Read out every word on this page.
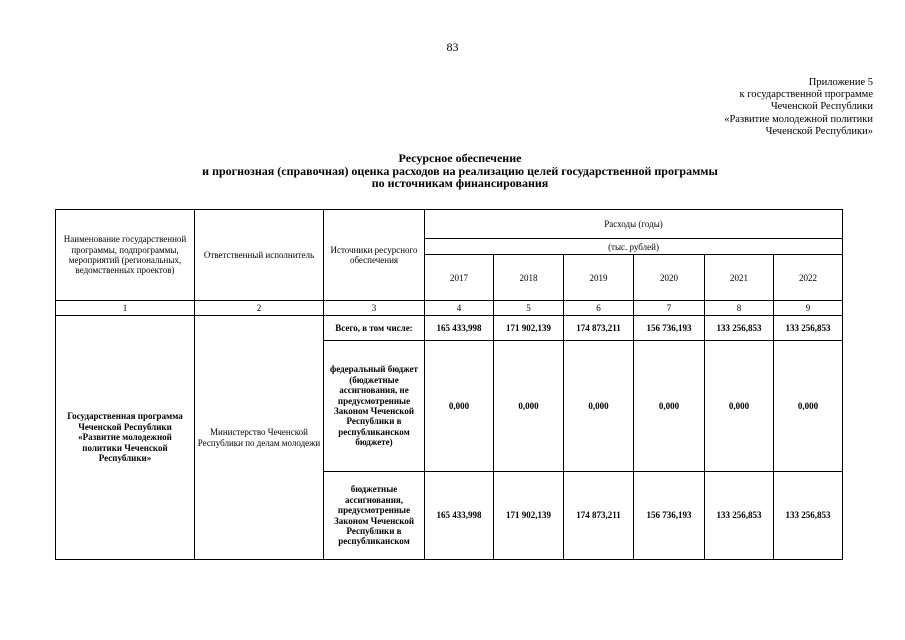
83
Приложение 5
к государственной программе
Чеченской Республики
«Развитие молодежной политики
Чеченской Республики»
Ресурсное обеспечение
и прогнозная (справочная) оценка расходов на реализацию целей государственной программы
по источникам финансирования
Наименование государственной программы, подпрограммы, мероприятий (региональных, ведомственных проектов)	Ответственный исполнитель	Источники ресурсного обеспечения	Расходы (годы)					
			(тыс. рублей)					
			2017	2018	2019	2020	2021	2022
1	2	3	4	5	6	7	8	9
Государственная программа Чеченской Республики «Развитие молодежной политики Чеченской Республики»	Министерство Чеченской Республики по делам молодежи	Всего, в том числе:	165 433,998	171 902,139	174 873,211	156 736,193	133 256,853	133 256,853
		федеральный бюджет (бюджетные ассигнования, не предусмотренные Законом Чеченской Республики в республиканском бюджете)	0,000	0,000	0,000	0,000	0,000	0,000
		бюджетные ассигнования, предусмотренные Законом Чеченской Республики в республиканском	165 433,998	171 902,139	174 873,211	156 736,193	133 256,853	133 256,853
